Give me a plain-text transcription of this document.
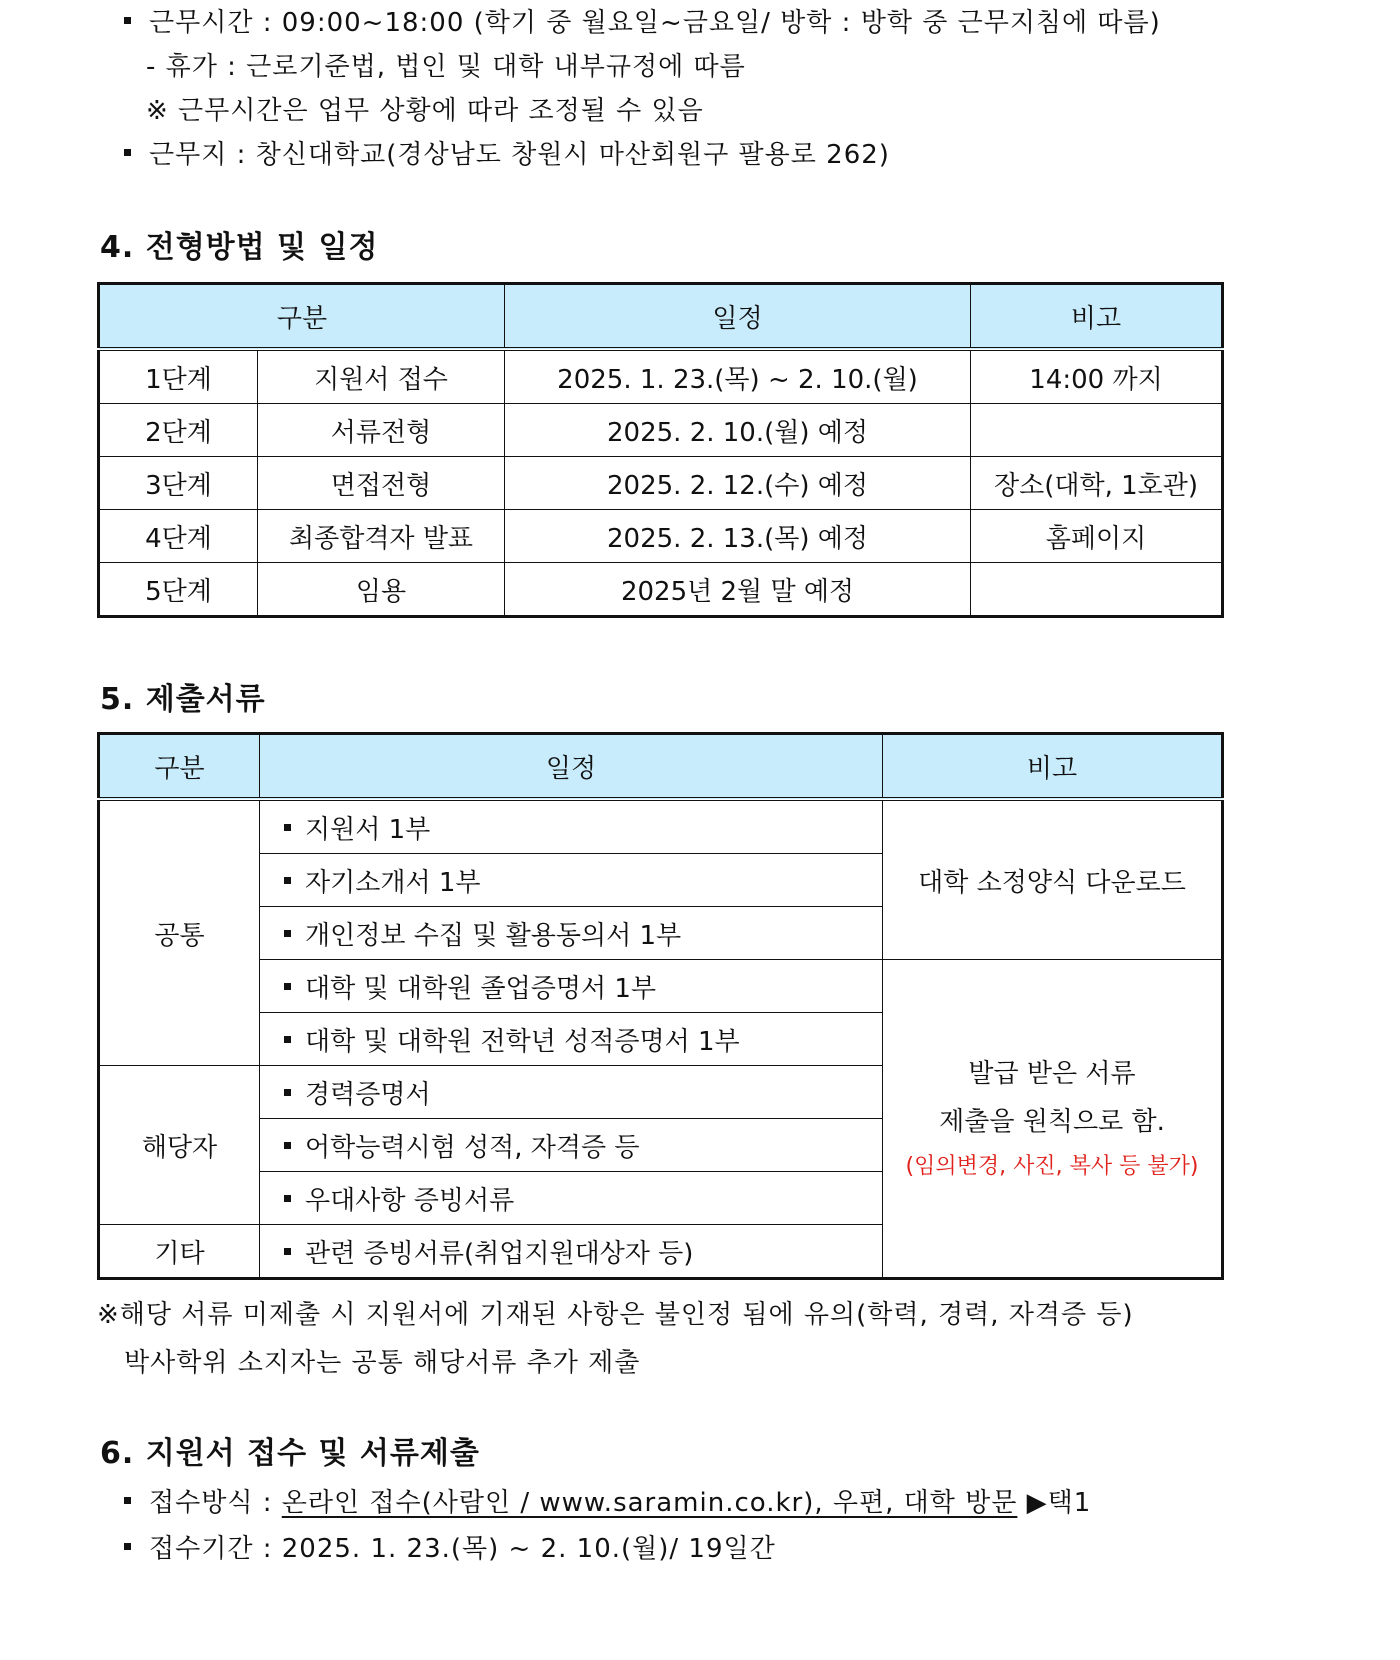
근무시간 : 09:00~18:00 (학기 중 월요일~금요일/ 방학 : 방학 중 근무지침에 따름)
- 휴가 : 근로기준법, 법인 및 대학 내부규정에 따름
※ 근무시간은 업무 상황에 따라 조정될 수 있음
근무지 : 창신대학교(경상남도 창원시 마산회원구 팔용로 262)
4. 전형방법 및 일정
구분		일정	비고
1단계	지원서 접수	2025. 1. 23.(목) ~ 2. 10.(월)	14:00 까지
2단계	서류전형	2025. 2. 10.(월) 예정	
3단계	면접전형	2025. 2. 12.(수) 예정	장소(대학, 1호관)
4단계	최종합격자 발표	2025. 2. 13.(목) 예정	홈페이지
5단계	임용	2025년 2월 말 예정	
5. 제출서류
구분	일정	비고
공통	지원서 1부	대학 소정양식 다운로드
	자기소개서 1부	
	개인정보 수집 및 활용동의서 1부	
	대학 및 대학원 졸업증명서 1부	발급 받은 서류
제출을 원칙으로 함.
(임의변경, 사진, 복사 등 불가)

	대학 및 대학원 전학년 성적증명서 1부	
해당자	경력증명서	
	어학능력시험 성적, 자격증 등	
	우대사항 증빙서류	
기타	관련 증빙서류(취업지원대상자 등)	
※해당 서류 미제출 시 지원서에 기재된 사항은 불인정 됨에 유의(학력, 경력, 자격증 등)
박사학위 소지자는 공통 해당서류 추가 제출
6. 지원서 접수 및 서류제출
접수방식 : 온라인 접수(사람인 / www.saramin.co.kr), 우편, 대학 방문 ▶택1
접수기간 : 2025. 1. 23.(목) ~ 2. 10.(월)/ 19일간
